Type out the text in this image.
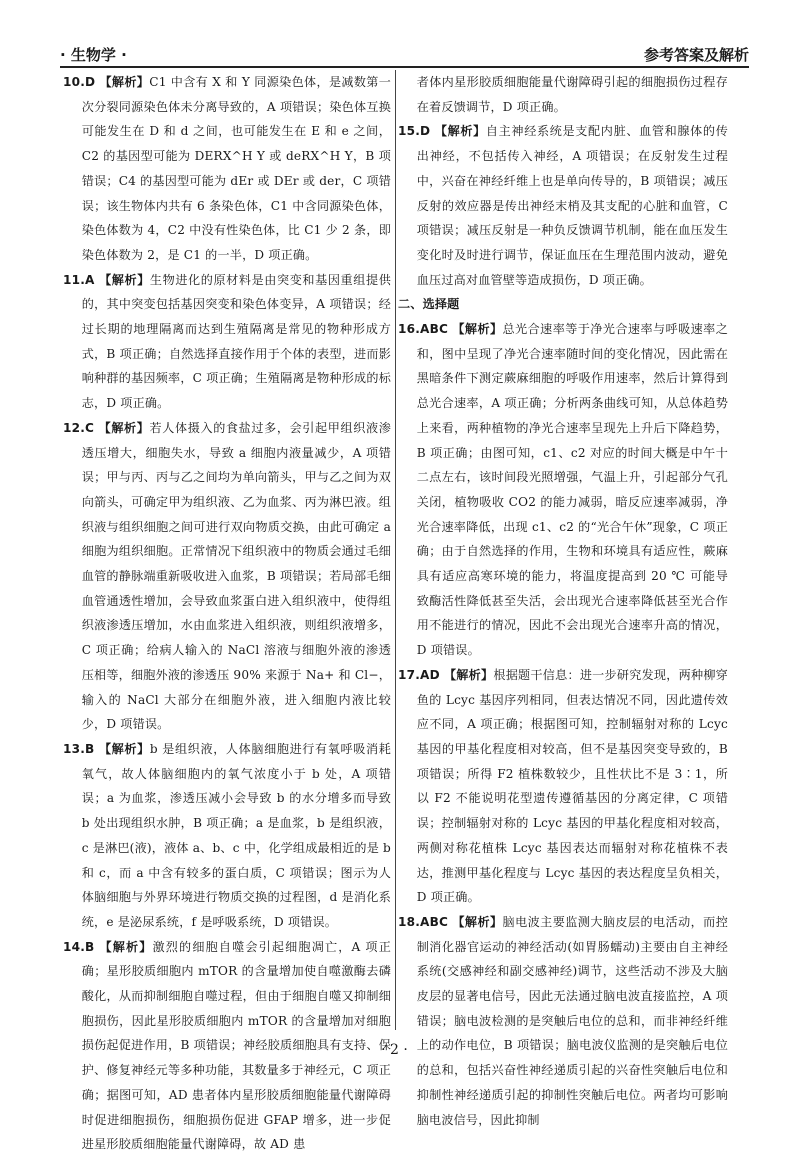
· 生物学 ·	参考答案及解析

10.D 【解析】C1 中含有 X 和 Y 同源染色体，是减数第一次分裂同源染色体未分离导致的，A 项错误；染色体互换可能发生在 D 和 d 之间，也可能发生在 E 和 e 之间，C2 的基因型可能为 DERX^H Y 或 deRX^H Y，B 项错误；C4 的基因型可能为 dEr 或 DEr 或 der，C 项错误；该生物体内共有 6 条染色体，C1 中含同源染色体，染色体数为 4，C2 中没有性染色体，比 C1 少 2 条，即染色体数为 2，是 C1 的一半，D 项正确。

11.A 【解析】生物进化的原材料是由突变和基因重组提供的，其中突变包括基因突变和染色体变异，A 项错误；经过长期的地理隔离而达到生殖隔离是常见的物种形成方式，B 项正确；自然选择直接作用于个体的表型，进而影响种群的基因频率，C 项正确；生殖隔离是物种形成的标志，D 项正确。

12.C 【解析】若人体摄入的食盐过多，会引起甲组织液渗透压增大，细胞失水，导致 a 细胞内液量减少，A 项错误；甲与丙、丙与乙之间均为单向箭头，甲与乙之间为双向箭头，可确定甲为组织液、乙为血浆、丙为淋巴液。组织液与组织细胞之间可进行双向物质交换，由此可确定 a 细胞为组织细胞。正常情况下组织液中的物质会通过毛细血管的静脉端重新吸收进入血浆，B 项错误；若局部毛细血管通透性增加，会导致血浆蛋白进入组织液中，使得组织液渗透压增加，水由血浆进入组织液，则组织液增多，C 项正确；给病人输入的 NaCl 溶液与细胞外液的渗透压相等，细胞外液的渗透压 90% 来源于 Na+ 和 Cl−，输入的 NaCl 大部分在细胞外液，进入细胞内液比较少，D 项错误。

13.B 【解析】b 是组织液，人体脑细胞进行有氧呼吸消耗氧气，故人体脑细胞内的氧气浓度小于 b 处，A 项错误；a 为血浆，渗透压减小会导致 b 的水分增多而导致 b 处出现组织水肿，B 项正确；a 是血浆，b 是组织液，c 是淋巴(液)，液体 a、b、c 中，化学组成最相近的是 b 和 c，而 a 中含有较多的蛋白质，C 项错误；图示为人体脑细胞与外界环境进行物质交换的过程图，d 是消化系统，e 是泌尿系统，f 是呼吸系统，D 项错误。

14.B 【解析】激烈的细胞自噬会引起细胞凋亡，A 项正确；星形胶质细胞内 mTOR 的含量增加使自噬激酶去磷酸化，从而抑制细胞自噬过程，但由于细胞自噬又抑制细胞损伤，因此星形胶质细胞内 mTOR 的含量增加对细胞损伤起促进作用，B 项错误；神经胶质细胞具有支持、保护、修复神经元等多种功能，其数量多于神经元，C 项正确；据图可知，AD 患者体内星形胶质细胞能量代谢障碍时促进细胞损伤，细胞损伤促进 GFAP 增多，进一步促进星形胶质细胞能量代谢障碍，故 AD 患

者体内星形胶质细胞能量代谢障碍引起的细胞损伤过程存在着反馈调节，D 项正确。

15.D 【解析】自主神经系统是支配内脏、血管和腺体的传出神经，不包括传入神经，A 项错误；在反射发生过程中，兴奋在神经纤维上也是单向传导的，B 项错误；减压反射的效应器是传出神经末梢及其支配的心脏和血管，C 项错误；减压反射是一种负反馈调节机制，能在血压发生变化时及时进行调节，保证血压在生理范围内波动，避免血压过高对血管壁等造成损伤，D 项正确。

二、选择题

16.ABC 【解析】总光合速率等于净光合速率与呼吸速率之和，图中呈现了净光合速率随时间的变化情况，因此需在黑暗条件下测定蕨麻细胞的呼吸作用速率，然后计算得到总光合速率，A 项正确；分析两条曲线可知，从总体趋势上来看，两种植物的净光合速率呈现先上升后下降趋势，B 项正确；由图可知，c1、c2 对应的时间大概是中午十二点左右，该时间段光照增强，气温上升，引起部分气孔关闭，植物吸收 CO2 的能力减弱，暗反应速率减弱，净光合速率降低，出现 c1、c2 的“光合午休”现象，C 项正确；由于自然选择的作用，生物和环境具有适应性，蕨麻具有适应高寒环境的能力，将温度提高到 20 ℃ 可能导致酶活性降低甚至失活，会出现光合速率降低甚至光合作用不能进行的情况，因此不会出现光合速率升高的情况，D 项错误。

17.AD 【解析】根据题干信息：进一步研究发现，两种柳穿鱼的 Lcyc 基因序列相同，但表达情况不同，因此遗传效应不同，A 项正确；根据图可知，控制辐射对称的 Lcyc 基因的甲基化程度相对较高，但不是基因突变导致的，B 项错误；所得 F2 植株数较少，且性状比不是 3∶1，所以 F2 不能说明花型遗传遵循基因的分离定律，C 项错误；控制辐射对称的 Lcyc 基因的甲基化程度相对较高，两侧对称花植株 Lcyc 基因表达而辐射对称花植株不表达，推测甲基化程度与 Lcyc 基因的表达程度呈负相关，D 项正确。

18.ABC 【解析】脑电波主要监测大脑皮层的电活动，而控制消化器官运动的神经活动(如胃肠蠕动)主要由自主神经系统(交感神经和副交感神经)调节，这些活动不涉及大脑皮层的显著电信号，因此无法通过脑电波直接监控，A 项错误；脑电波检测的是突触后电位的总和，而非神经纤维上的动作电位，B 项错误；脑电波仪监测的是突触后电位的总和，包括兴奋性神经递质引起的兴奋性突触后电位和抑制性神经递质引起的抑制性突触后电位。两者均可影响脑电波信号，因此抑制

· 2 ·
